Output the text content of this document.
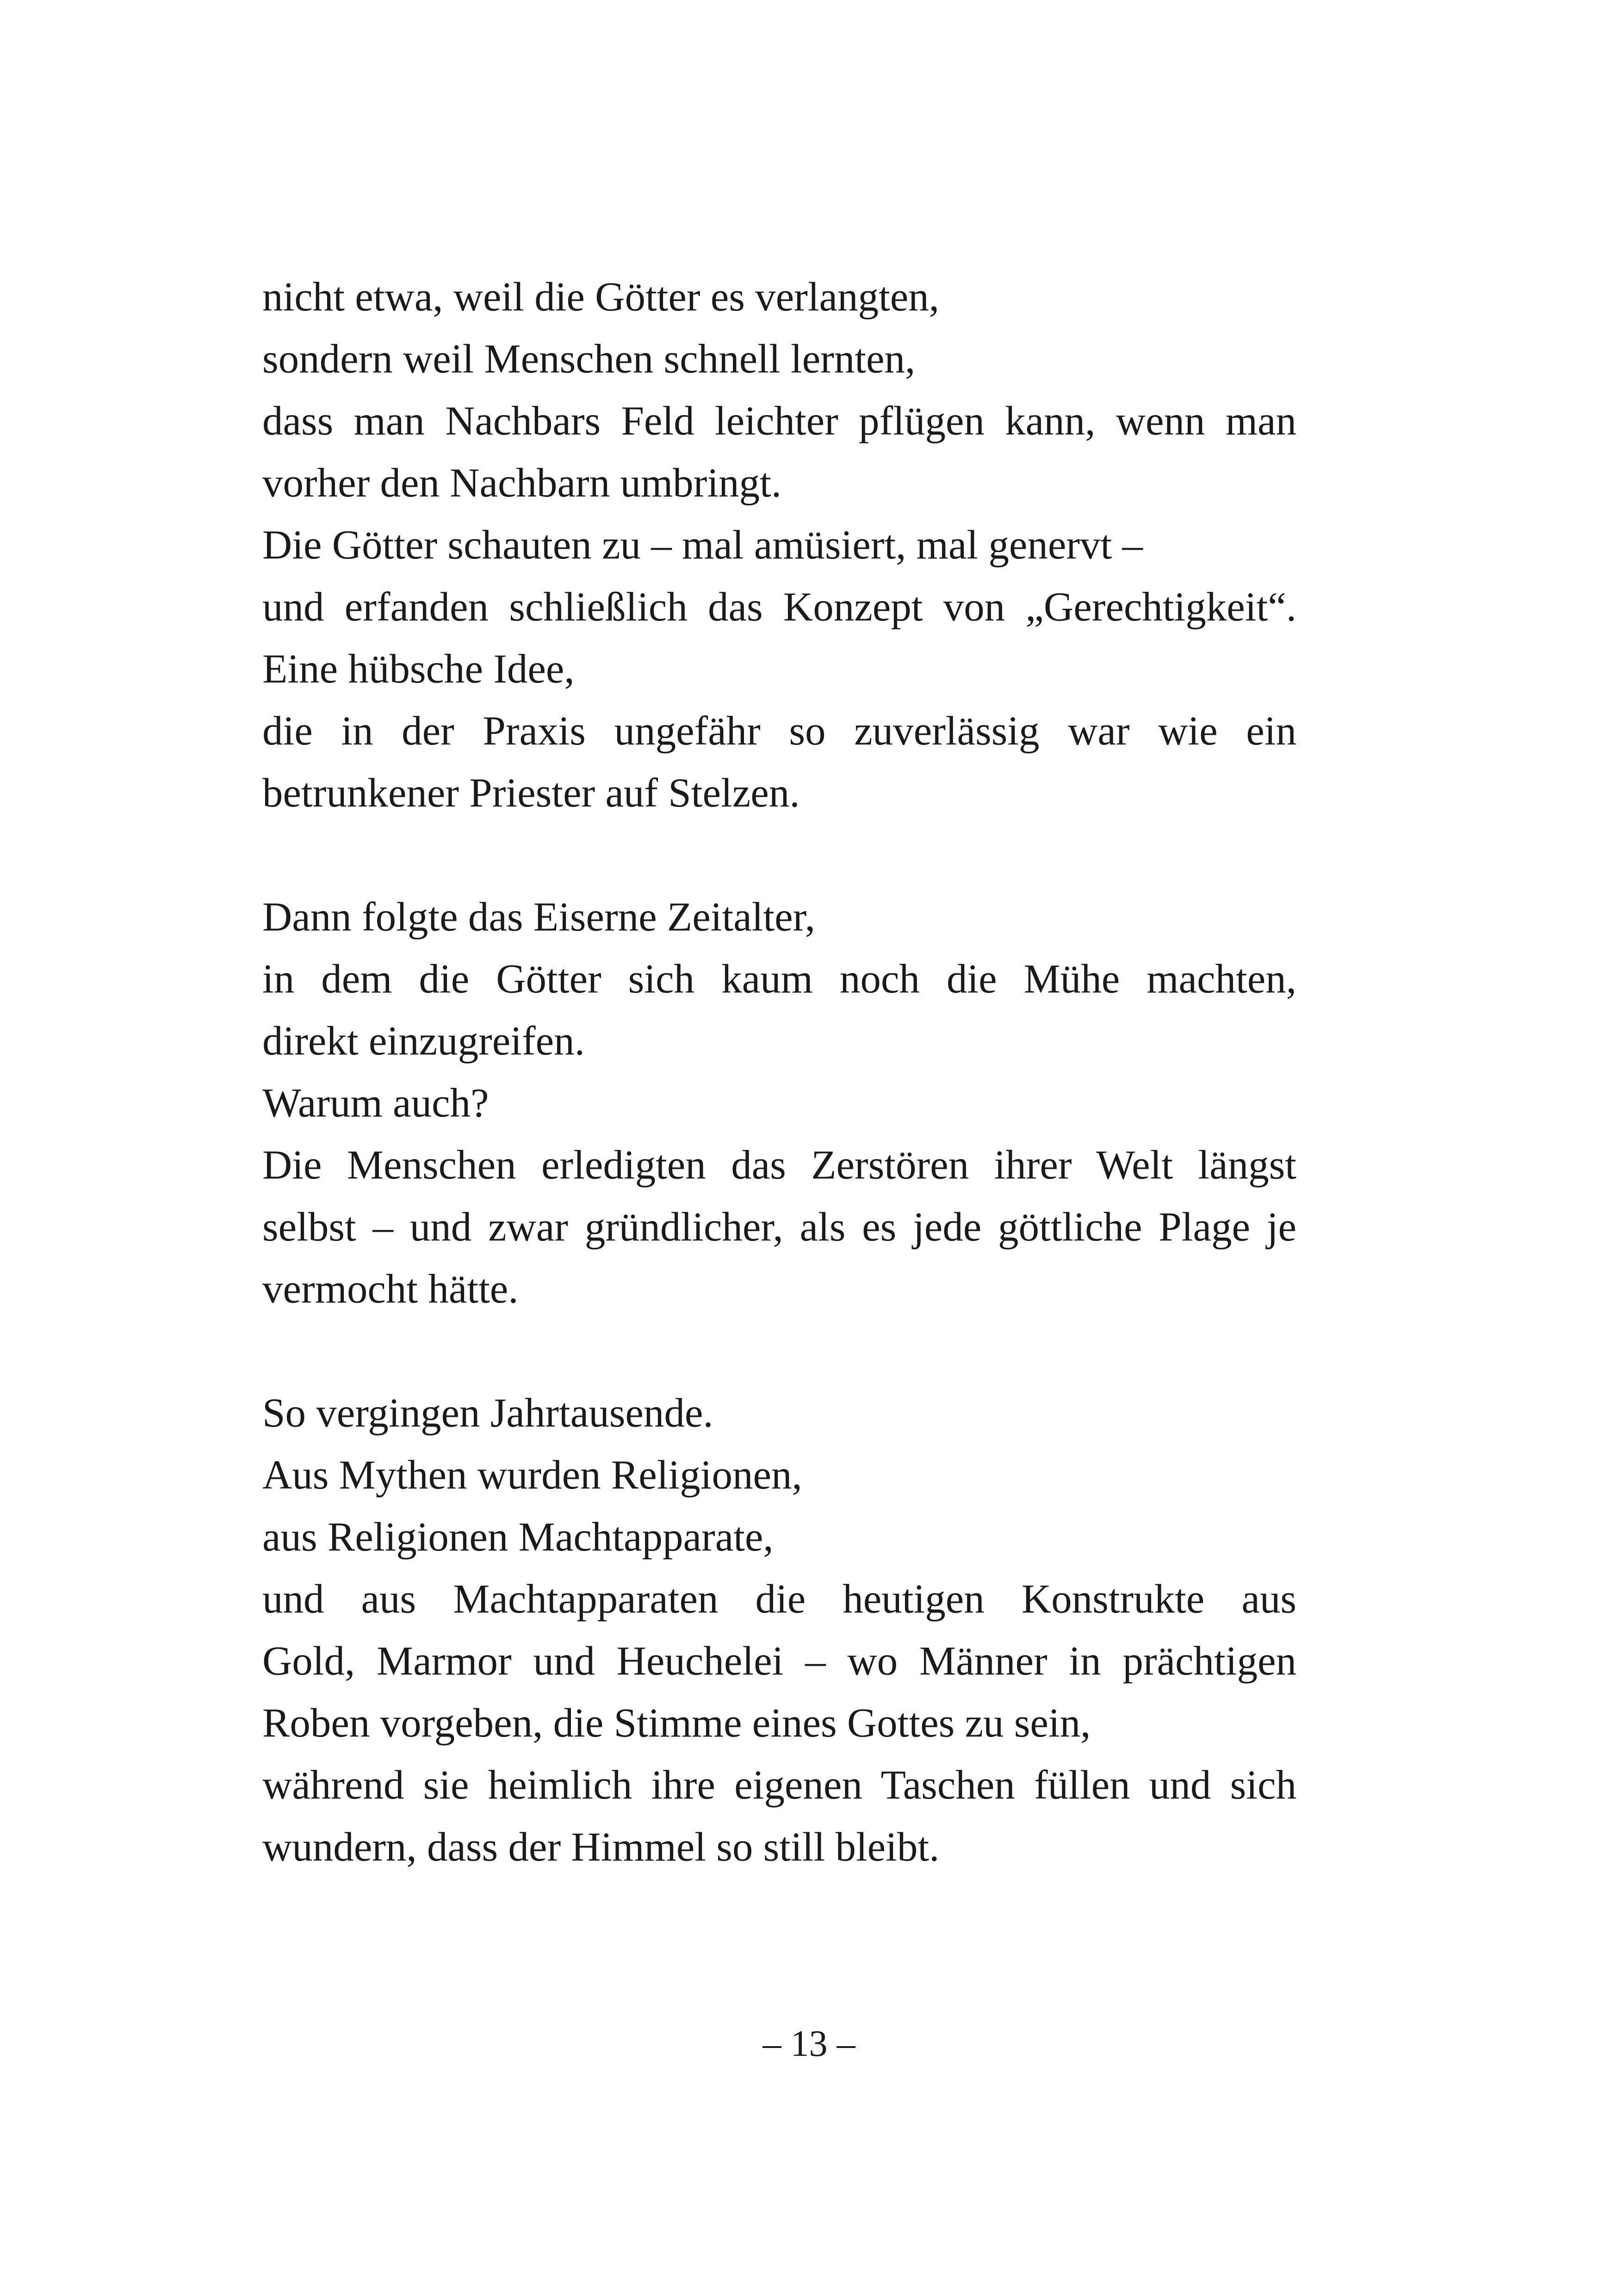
nicht etwa, weil die Götter es verlangten,
sondern weil Menschen schnell lernten,
dass man Nachbars Feld leichter pflügen kann, wenn man
vorher den Nachbarn umbringt.
Die Götter schauten zu – mal amüsiert, mal genervt –
und erfanden schließlich das Konzept von „Gerechtigkeit“.
Eine hübsche Idee,
die in der Praxis ungefähr so zuverlässig war wie ein
betrunkener Priester auf Stelzen.
Dann folgte das Eiserne Zeitalter,
in dem die Götter sich kaum noch die Mühe machten,
direkt einzugreifen.
Warum auch?
Die Menschen erledigten das Zerstören ihrer Welt längst
selbst – und zwar gründlicher, als es jede göttliche Plage je
vermocht hätte.
So vergingen Jahrtausende.
Aus Mythen wurden Religionen,
aus Religionen Machtapparate,
und aus Machtapparaten die heutigen Konstrukte aus
Gold, Marmor und Heuchelei – wo Männer in prächtigen
Roben vorgeben, die Stimme eines Gottes zu sein,
während sie heimlich ihre eigenen Taschen füllen und sich
wundern, dass der Himmel so still bleibt.
– 13 –
